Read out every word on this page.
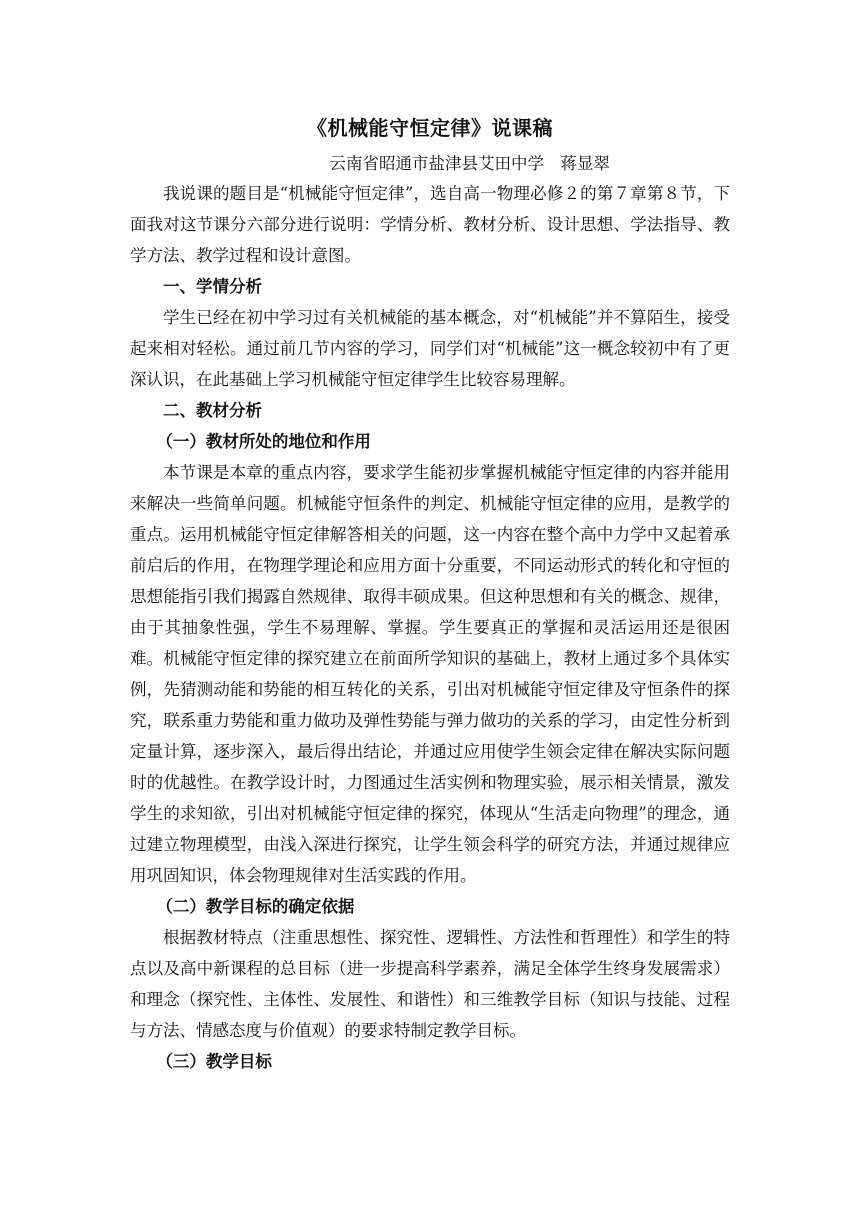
《机械能守恒定律》说课稿
云南省昭通市盐津县艾田中学　蒋显翠

我说课的题目是“机械能守恒定律”，选自高一物理必修２的第７章第８节，下面我对这节课分六部分进行说明：学情分析、教材分析、设计思想、学法指导、教学方法、教学过程和设计意图。

一、学情分析

学生已经在初中学习过有关机械能的基本概念，对“机械能”并不算陌生，接受起来相对轻松。通过前几节内容的学习，同学们对“机械能”这一概念较初中有了更深认识，在此基础上学习机械能守恒定律学生比较容易理解。

二、教材分析
（一）教材所处的地位和作用

本节课是本章的重点内容，要求学生能初步掌握机械能守恒定律的内容并能用来解决一些简单问题。机械能守恒条件的判定、机械能守恒定律的应用，是教学的重点。运用机械能守恒定律解答相关的问题，这一内容在整个高中力学中又起着承前启后的作用，在物理学理论和应用方面十分重要，不同运动形式的转化和守恒的思想能指引我们揭露自然规律、取得丰硕成果。但这种思想和有关的概念、规律，由于其抽象性强，学生不易理解、掌握。学生要真正的掌握和灵活运用还是很困难。机械能守恒定律的探究建立在前面所学知识的基础上，教材上通过多个具体实例，先猜测动能和势能的相互转化的关系，引出对机械能守恒定律及守恒条件的探究，联系重力势能和重力做功及弹性势能与弹力做功的关系的学习，由定性分析到定量计算，逐步深入，最后得出结论，并通过应用使学生领会定律在解决实际问题时的优越性。在教学设计时，力图通过生活实例和物理实验，展示相关情景，激发学生的求知欲，引出对机械能守恒定律的探究，体现从“生活走向物理”的理念，通过建立物理模型，由浅入深进行探究，让学生领会科学的研究方法，并通过规律应用巩固知识，体会物理规律对生活实践的作用。

（二）教学目标的确定依据

根据教材特点（注重思想性、探究性、逻辑性、方法性和哲理性）和学生的特点以及高中新课程的总目标（进一步提高科学素养，满足全体学生终身发展需求）和理念（探究性、主体性、发展性、和谐性）和三维教学目标（知识与技能、过程与方法、情感态度与价值观）的要求特制定教学目标。

（三）教学目标
